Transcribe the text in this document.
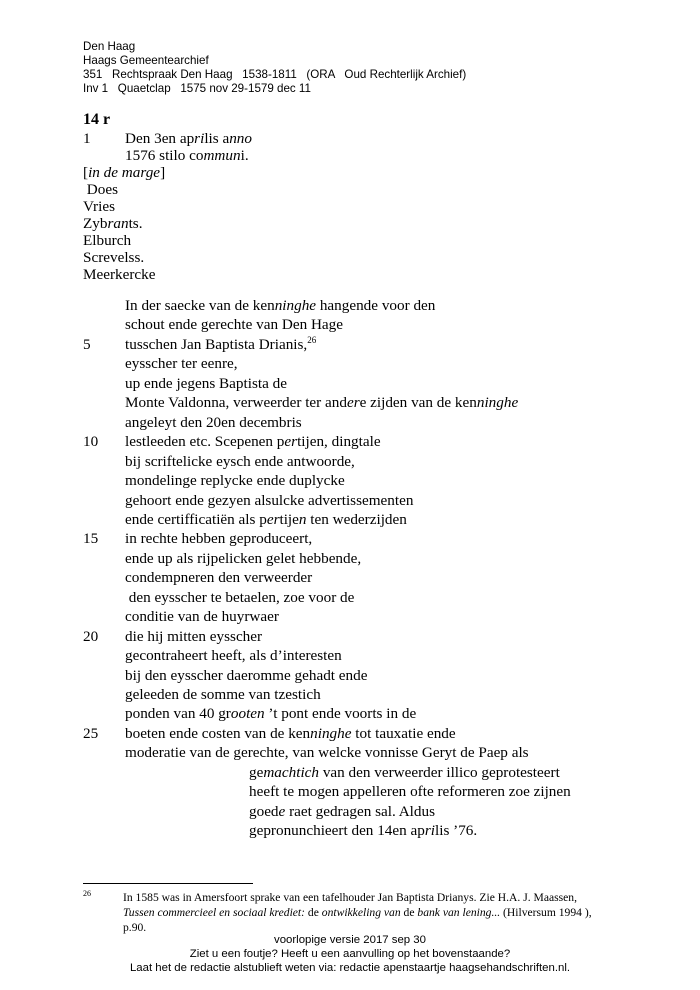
Den Haag
Haags Gemeentearchief
351   Rechtspraak Den Haag   1538-1811   (ORA   Oud Rechterlijk Archief)
Inv 1   Quaetclap   1575 nov 29-1579 dec 11
14 r
1 Den 3en aprilis anno
1576 stilo communi.
[in de marge]
Does
Vries
Zybrants.
Elburch
Screvelss.
Meerkercke
In der saecke van de kenninghe hangende voor den
schout ende gerechte van Den Hage
tusschen Jan Baptista Drianis,$^{26}$
eysscher ter eenre,
up ende jegens Baptista de
Monte Valdonna, verweerder ter andere zijden van de kenninghe
angeleyt den 20en decembris
lestleeden etc. Scepenen pertijen, dingtale
bij scriftelicke eysch ende antwoorde,
mondelinge replycke ende duplycke
gehoort ende gezyen alsulcke advertissementen
ende certifficatiën als pertijen ten wederzijden
in rechte hebben geproduceert,
ende up als rijpelicken gelet hebbende,
condempneren den verweerder
den eysscher te betaelen, zoe voor de
conditie van de huyrwaer
die hij mitten eysscher
gecontraheert heeft, als d’interesten
bij den eysscher daeromme gehadt ende
geleeden de somme van tzestich
ponden van 40 grooten ’t pont ende voorts in de
boeten ende costen van de kenninghe tot tauxatie ende
moderatie van de gerechte, van welcke vonnisse Geryt de Paep als
5
10
15
20
25
gemachtich van den verweerder illico geprotesteert
heeft te mogen appelleren ofte reformeren zoe zijnen
goede raet gedragen sal. Aldus
gepronunchieert den 14en aprilis ’76.
26	In 1585 was in Amersfoort sprake van een tafelhouder Jan Baptista Drianys. Zie H.A. J. Maassen,
Tussen commercieel en sociaal krediet: de ontwikkeling van de bank van lening... (Hilversum 1994 ),
p.90.
voorlopige versie 2017 sep 30
Ziet u een foutje? Heeft u een aanvulling op het bovenstaande?
Laat het de redactie alstublieft weten via: redactie apenstaartje haagsehandschriften.nl.
